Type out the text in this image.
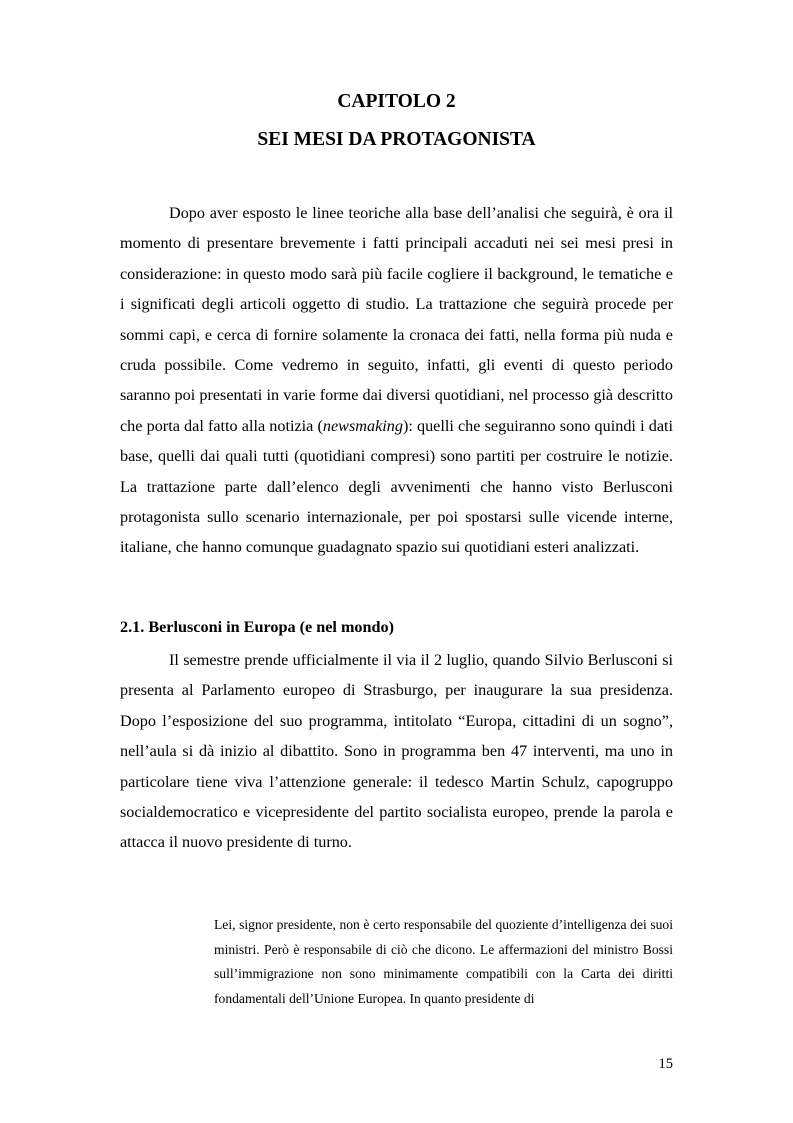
CAPITOLO 2
SEI MESI DA PROTAGONISTA

Dopo aver esposto le linee teoriche alla base dell’analisi che seguirà, è ora il momento di presentare brevemente i fatti principali accaduti nei sei mesi presi in considerazione: in questo modo sarà più facile cogliere il background, le tematiche e i significati degli articoli oggetto di studio. La trattazione che seguirà procede per sommi capi, e cerca di fornire solamente la cronaca dei fatti, nella forma più nuda e cruda possibile. Come vedremo in seguito, infatti, gli eventi di questo periodo saranno poi presentati in varie forme dai diversi quotidiani, nel processo già descritto che porta dal fatto alla notizia (newsmaking): quelli che seguiranno sono quindi i dati base, quelli dai quali tutti (quotidiani compresi) sono partiti per costruire le notizie. La trattazione parte dall’elenco degli avvenimenti che hanno visto Berlusconi protagonista sullo scenario internazionale, per poi spostarsi sulle vicende interne, italiane, che hanno comunque guadagnato spazio sui quotidiani esteri analizzati.

2.1. Berlusconi in Europa (e nel mondo)

Il semestre prende ufficialmente il via il 2 luglio, quando Silvio Berlusconi si presenta al Parlamento europeo di Strasburgo, per inaugurare la sua presidenza. Dopo l’esposizione del suo programma, intitolato “Europa, cittadini di un sogno”, nell’aula si dà inizio al dibattito. Sono in programma ben 47 interventi, ma uno in particolare tiene viva l’attenzione generale: il tedesco Martin Schulz, capogruppo socialdemocratico e vicepresidente del partito socialista europeo, prende la parola e attacca il nuovo presidente di turno.

Lei, signor presidente, non è certo responsabile del quoziente d’intelligenza dei suoi ministri. Però è responsabile di ciò che dicono. Le affermazioni del ministro Bossi sull’immigrazione non sono minimamente compatibili con la Carta dei diritti fondamentali dell’Unione Europea. In quanto presidente di

15
